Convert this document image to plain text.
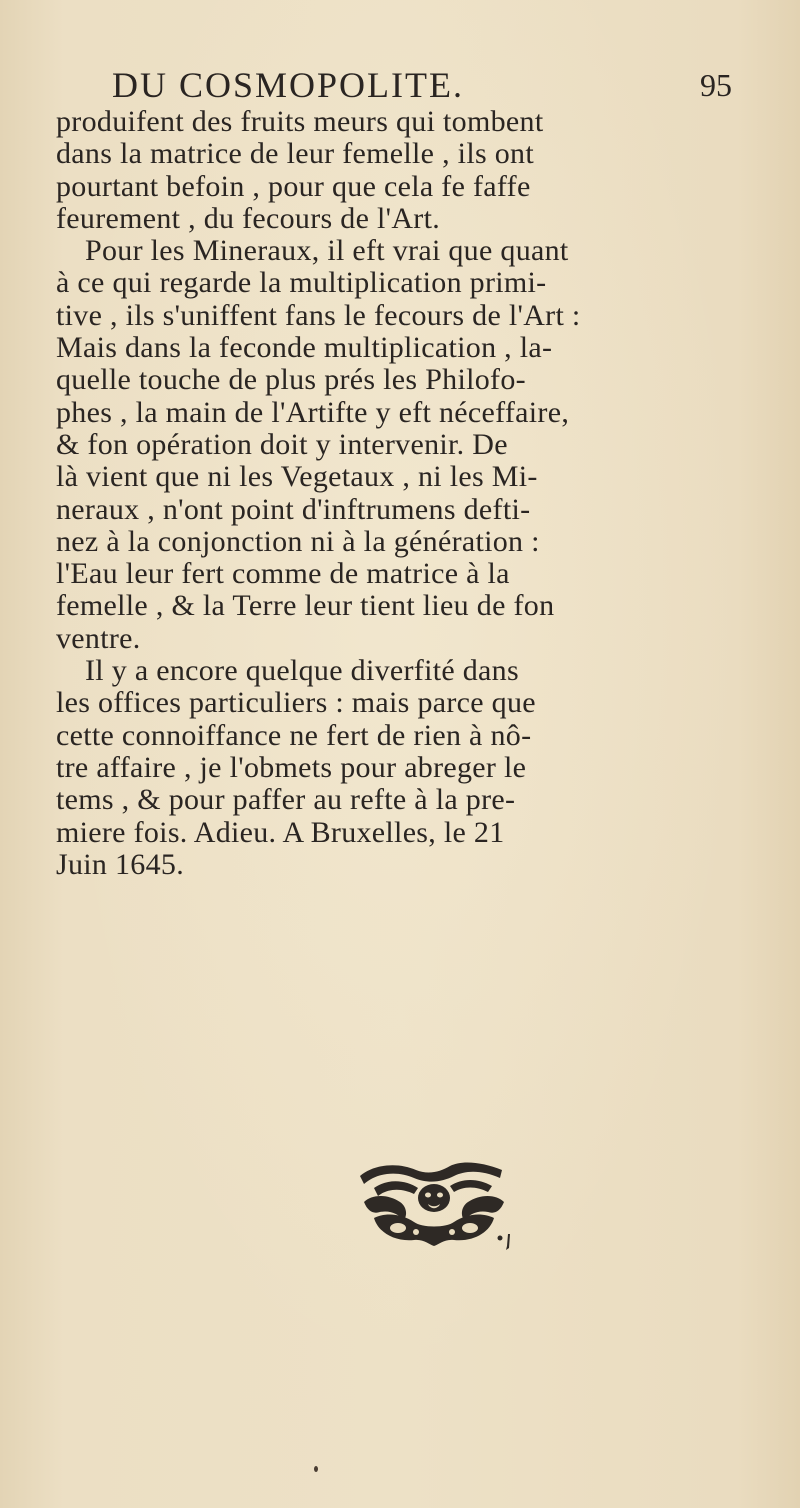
DU COSMOPOLITE.	95
produifent des fruits meurs qui tombent
dans la matrice de leur femelle , ils ont
pourtant befoin , pour que cela fe faffe
feurement , du fecours de l'Art.
Pour les Mineraux, il eft vrai que quant
à ce qui regarde la multiplication primi-
tive , ils s'uniffent fans le fecours de l'Art :
Mais dans la feconde multiplication , la-
quelle touche de plus prés les Philofo-
phes , la main de l'Artifte y eft néceffaire,
& fon opération doit y intervenir. De
là vient que ni les Vegetaux , ni les Mi-
neraux , n'ont point d'inftrumens defti-
nez à la conjonction ni à la génération :
l'Eau leur fert comme de matrice à la
femelle , & la Terre leur tient lieu de fon
ventre.
Il y a encore quelque diverfité dans
les offices particuliers : mais parce que
cette connoiffance ne fert de rien à nô-
tre affaire , je l'obmets pour abreger le
tems , & pour paffer au refte à la pre-
miere fois. Adieu. A Bruxelles, le 21
Juin 1645.
